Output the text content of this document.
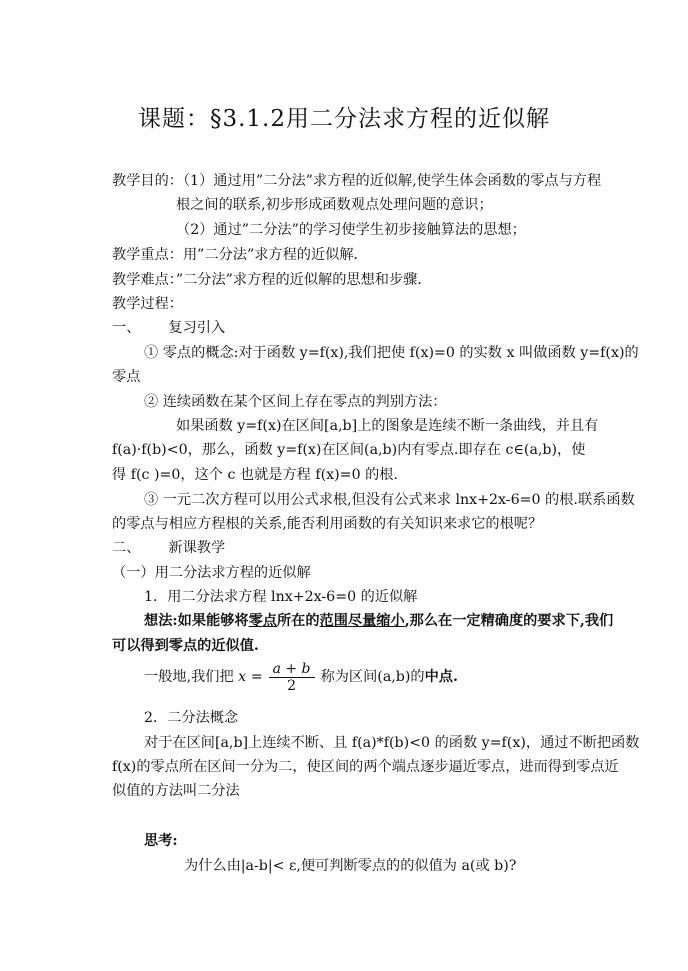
课题：§3.1.2用二分法求方程的近似解
教学目的：（1）通过用”二分法”求方程的近似解,使学生体会函数的零点与方程
根之间的联系,初步形成函数观点处理问题的意识；
（2）通过”二分法”的学习使学生初步接触算法的思想；
教学重点：用”二分法”求方程的近似解．
教学难点：”二分法”求方程的近似解的思想和步骤．
教学过程：
一、 复习引入
① 零点的概念:对于函数 y=f(x),我们把使 f(x)=0 的实数 x 叫做函数 y=f(x)的
零点
② 连续函数在某个区间上存在零点的判别方法：
如果函数 y=f(x)在区间[a,b]上的图象是连续不断一条曲线，并且有
f(a)·f(b)<0，那么，函数 y=f(x)在区间(a,b)内有零点.即存在 c∈(a,b)，使
得 f(c )=0，这个 c 也就是方程 f(x)=0 的根.
③ 一元二次方程可以用公式求根,但没有公式来求 lnx+2x-6=0 的根.联系函数
的零点与相应方程根的关系,能否利用函数的有关知识来求它的根呢？
二、 新课教学
（一）用二分法求方程的近似解
1．用二分法求方程 lnx+2x-6=0 的近似解
想法:如果能够将零点所在的范围尽量缩小,那么在一定精确度的要求下,我们
可以得到零点的近似值.
一般地,我们把 $x = \frac{a + b}{2}$ 称为区间(a,b)的中点.
2．二分法概念
对于在区间[a,b]上连续不断、且 f(a)*f(b)<0 的函数 y=f(x)，通过不断把函数
f(x)的零点所在区间一分为二，使区间的两个端点逐步逼近零点，进而得到零点近
似值的方法叫二分法
思考:
为什么由|a-b|< ε,便可判断零点的的似值为 a(或 b)?
